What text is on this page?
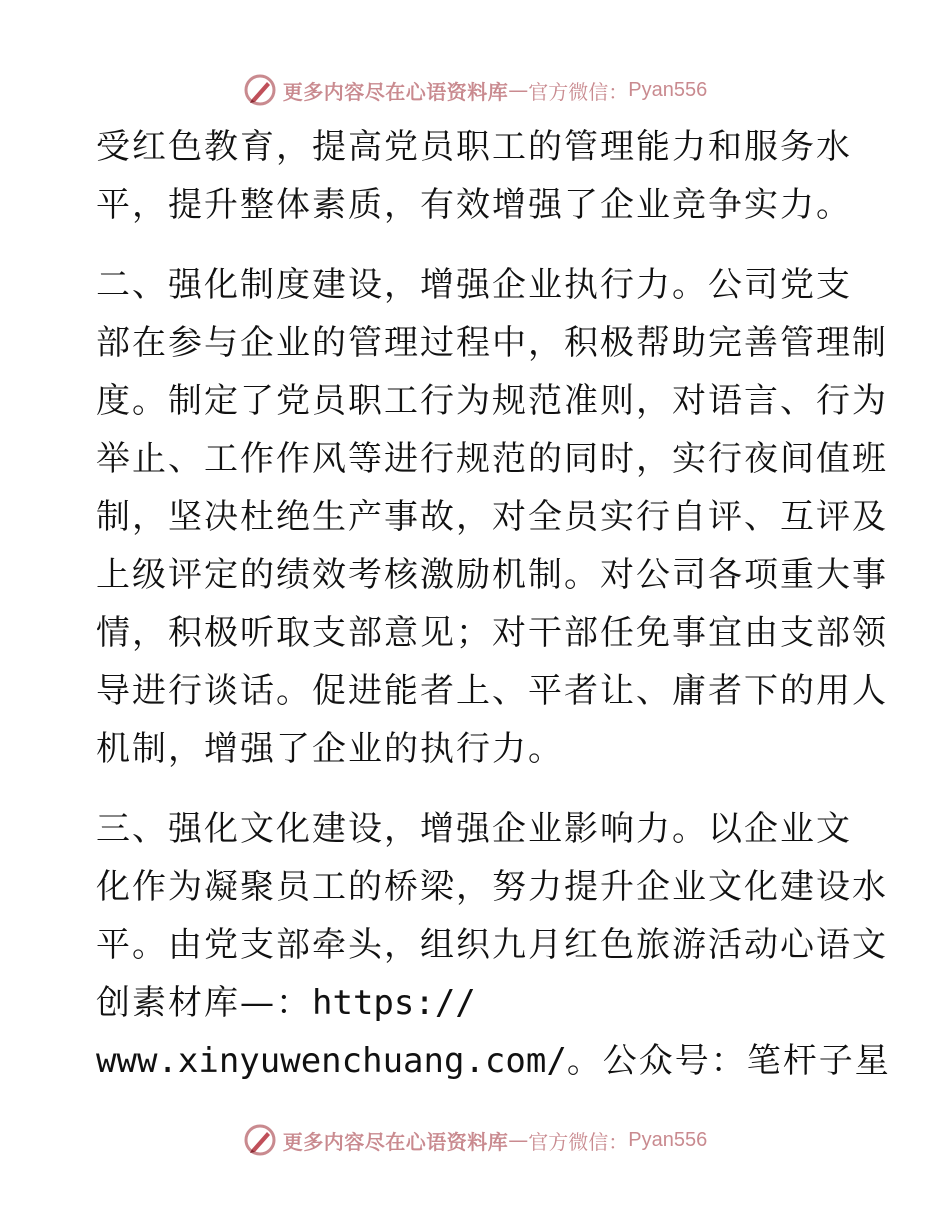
更多内容尽在心语资料库 — 官方微信： Pyan556
受红色教育，提高党员职工的管理能力和服务水
平，提升整体素质，有效增强了企业竞争实力。
二、强化制度建设，增强企业执行力。公司党支
部在参与企业的管理过程中，积极帮助完善管理制
度。制定了党员职工行为规范准则，对语言、行为
举止、工作作风等进行规范的同时，实行夜间值班
制，坚决杜绝生产事故，对全员实行自评、互评及
上级评定的绩效考核激励机制。对公司各项重大事
情，积极听取支部意见；对干部任免事宜由支部领
导进行谈话。促进能者上、平者让、庸者下的用人
机制，增强了企业的执行力。
三、强化文化建设，增强企业影响力。以企业文
化作为凝聚员工的桥梁，努力提升企业文化建设水
平。由党支部牵头，组织九月红色旅游活动心语文
创素材库—：https://
www.xinyuwenchuang.com/。公众号：笔杆子星
更多内容尽在心语资料库 — 官方微信： Pyan556
